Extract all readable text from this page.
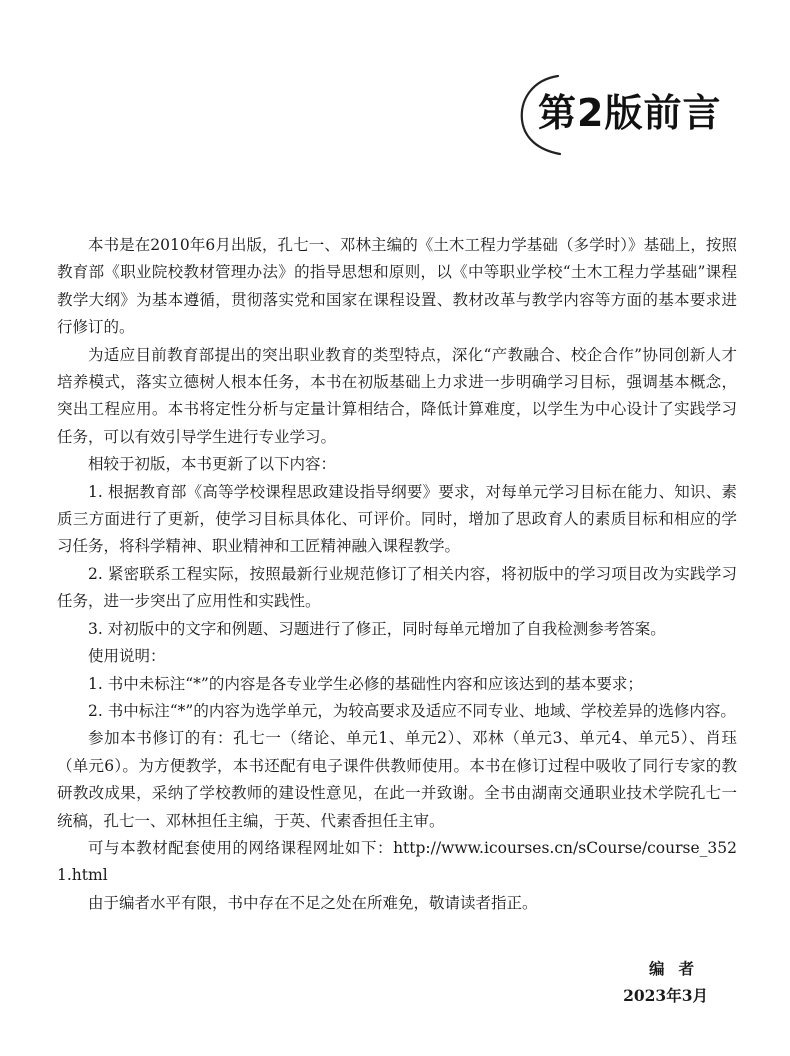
第2版前言

本书是在2010年6月出版，孔七一、邓林主编的《土木工程力学基础（多学时）》基础上，按照教育部《职业院校教材管理办法》的指导思想和原则，以《中等职业学校“土木工程力学基础”课程教学大纲》为基本遵循，贯彻落实党和国家在课程设置、教材改革与教学内容等方面的基本要求进行修订的。

为适应目前教育部提出的突出职业教育的类型特点，深化“产教融合、校企合作”协同创新人才培养模式，落实立德树人根本任务，本书在初版基础上力求进一步明确学习目标，强调基本概念，突出工程应用。本书将定性分析与定量计算相结合，降低计算难度，以学生为中心设计了实践学习任务，可以有效引导学生进行专业学习。

相较于初版，本书更新了以下内容：

1. 根据教育部《高等学校课程思政建设指导纲要》要求，对每单元学习目标在能力、知识、素质三方面进行了更新，使学习目标具体化、可评价。同时，增加了思政育人的素质目标和相应的学习任务，将科学精神、职业精神和工匠精神融入课程教学。

2. 紧密联系工程实际，按照最新行业规范修订了相关内容，将初版中的学习项目改为实践学习任务，进一步突出了应用性和实践性。

3. 对初版中的文字和例题、习题进行了修正，同时每单元增加了自我检测参考答案。

使用说明：

1. 书中未标注“*”的内容是各专业学生必修的基础性内容和应该达到的基本要求；

2. 书中标注“*”的内容为选学单元，为较高要求及适应不同专业、地域、学校差异的选修内容。

参加本书修订的有：孔七一（绪论、单元1、单元2）、邓林（单元3、单元4、单元5）、肖珏（单元6）。为方便教学，本书还配有电子课件供教师使用。本书在修订过程中吸收了同行专家的教研教改成果，采纳了学校教师的建设性意见，在此一并致谢。全书由湖南交通职业技术学院孔七一统稿，孔七一、邓林担任主编，于英、代素香担任主审。

可与本教材配套使用的网络课程网址如下：http://www.icourses.cn/sCourse/course_3521.html

由于编者水平有限，书中存在不足之处在所难免，敬请读者指正。

编者
2023年3月
